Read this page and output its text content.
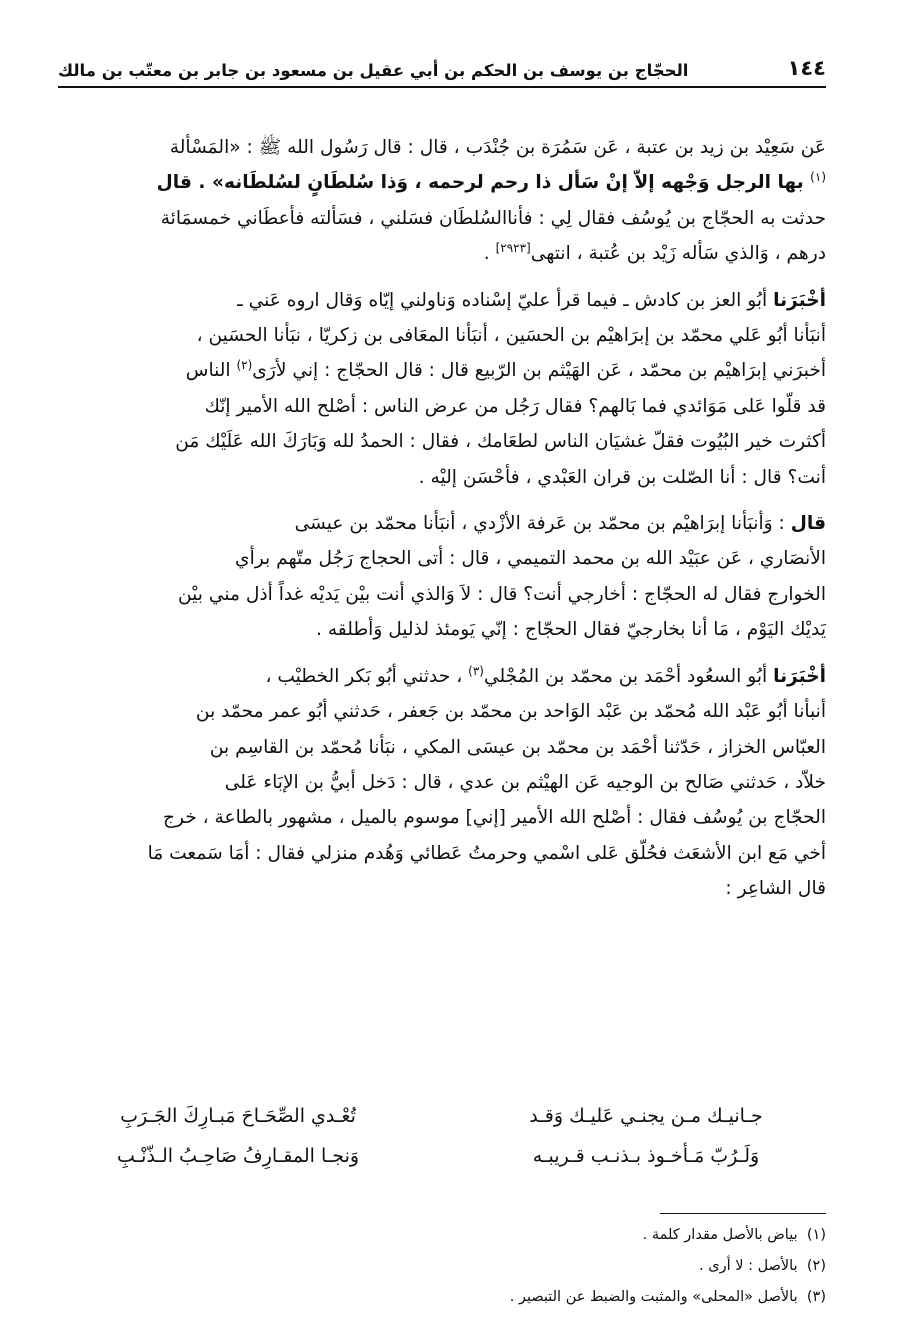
١٤٤
الحجّاج بن يوسف بن الحكم بن أبي عقيل بن مسعود بن جابر بن معتّب بن مالك

عَن سَعِيْد بن زيد بن عتبة ، عَن سَمُرَة بن جُنْدَب ، قال : قال رَسُول الله ﷺ : «المَسْألة
$^{(١)}$ بها الرجل وَجْهه إلاّ إنْ سَأل ذا رحم لرحمه ، وَذا سُلطَانٍ لسُلطَانه» . قال
حدثت به الحجّاج بن يُوسُف فقال لِي : فأناالسُلطَان فسَلني ، فسَألته فأعطَاني خمسمَائة
درهم ، وَالذي سَأله زَيْد بن عُتبة ، انتهى[٢٩٢٣] .

أخْبَرَنا أبُو العز بن كادش ـ فيما قرأ عليّ إسْناده وَناولني إيّاه وَقال اروه عَني ـ
أنبَأنا أبُو عَلي محمّد بن إبرَاهيْم بن الحسَين ، أنبَأنا المعَافى بن زكريّا ، نبَأنا الحسَين ،
أخبرَني إبرَاهيْم بن محمّد ، عَن الهَيْثم بن الرّبيع قال : قال الحجّاج : إني لأرَى$^{(٢)}$ الناس
قد قلّوا عَلى مَوَائدي فما بَالهم؟ فقال رَجُل من عرض الناس : أصْلح الله الأمير إنّك
أكثرت خير البُيُوت فقلّ غشيَان الناس لطعَامك ، فقال : الحمدُ لله وَبَارَكَ الله عَلَيْك مَن
أنت؟ قال : أنا الصّلت بن قران العَبْدي ، فأحْسَن إليْه .

قال : وَأنبَأنا إبرَاهيْم بن محمّد بن عَرفة الأزْدي ، أنبَأنا محمّد بن عيسَى
الأنصَاري ، عَن عبَيْد الله بن محمد التميمي ، قال : أتى الحجاج رَجُل متّهم برأي
الخوارج فقال له الحجّاج : أخارجي أنت؟ قال : لاَ وَالذي أنت بيْن يَديْه غداً أذل مني بيْن
يَديْك اليَوْم ، مَا أنا بخارجيّ فقال الحجّاج : إنّي يَومئذ لذليل وَأطلقه .

أخْبَرَنا أبُو السعُود أحْمَد بن محمّد بن المُجْلي$^{(٣)}$ ، حدثني أبُو بَكر الخطيْب ،
أنبأنا أبُو عَبْد الله مُحمّد بن عَبْد الوَاحد بن محمّد بن جَعفر ، حَدثني أبُو عمر محمّد بن
العبّاس الخزاز ، حَدّثنا أحْمَد بن محمّد بن عيسَى المكي ، نبَأنا مُحمّد بن القاسِم بن
خلاّد ، حَدثني صَالح بن الوجيه عَن الهيْثم بن عدي ، قال : دَخل أبيُّ بن الإبَاء عَلى
الحجّاج بن يُوسُف فقال : أصْلح الله الأمير [إني] موسوم بالميل ، مشهور بالطاعة ، خرج
أخي مَع ابن الأشعَث فحُلّق عَلى اسْمي وحرمتُ عَطائي وَهُدم منزلي فقال : أمَا سَمعت مَا
قال الشاعِر :

جـانيـك مـن يجنـي عَليـك وَقـد
تُعْـدي الصِّحَـاحَ مَبـارِكَ الجَـرَبِ
وَلَـرُبّ مَـأخـوذ بـذنـب قـريبـه
وَنجـا المقـارِفُ صَاحِـبُ الـذّنْـبِ
(١)  بياض بالأصل مقدار كلمة .
(٢)  بالأصل : لا أرى .
(٣)  بالأصل «المحلى» والمثبت والضبط عن التبصير .
